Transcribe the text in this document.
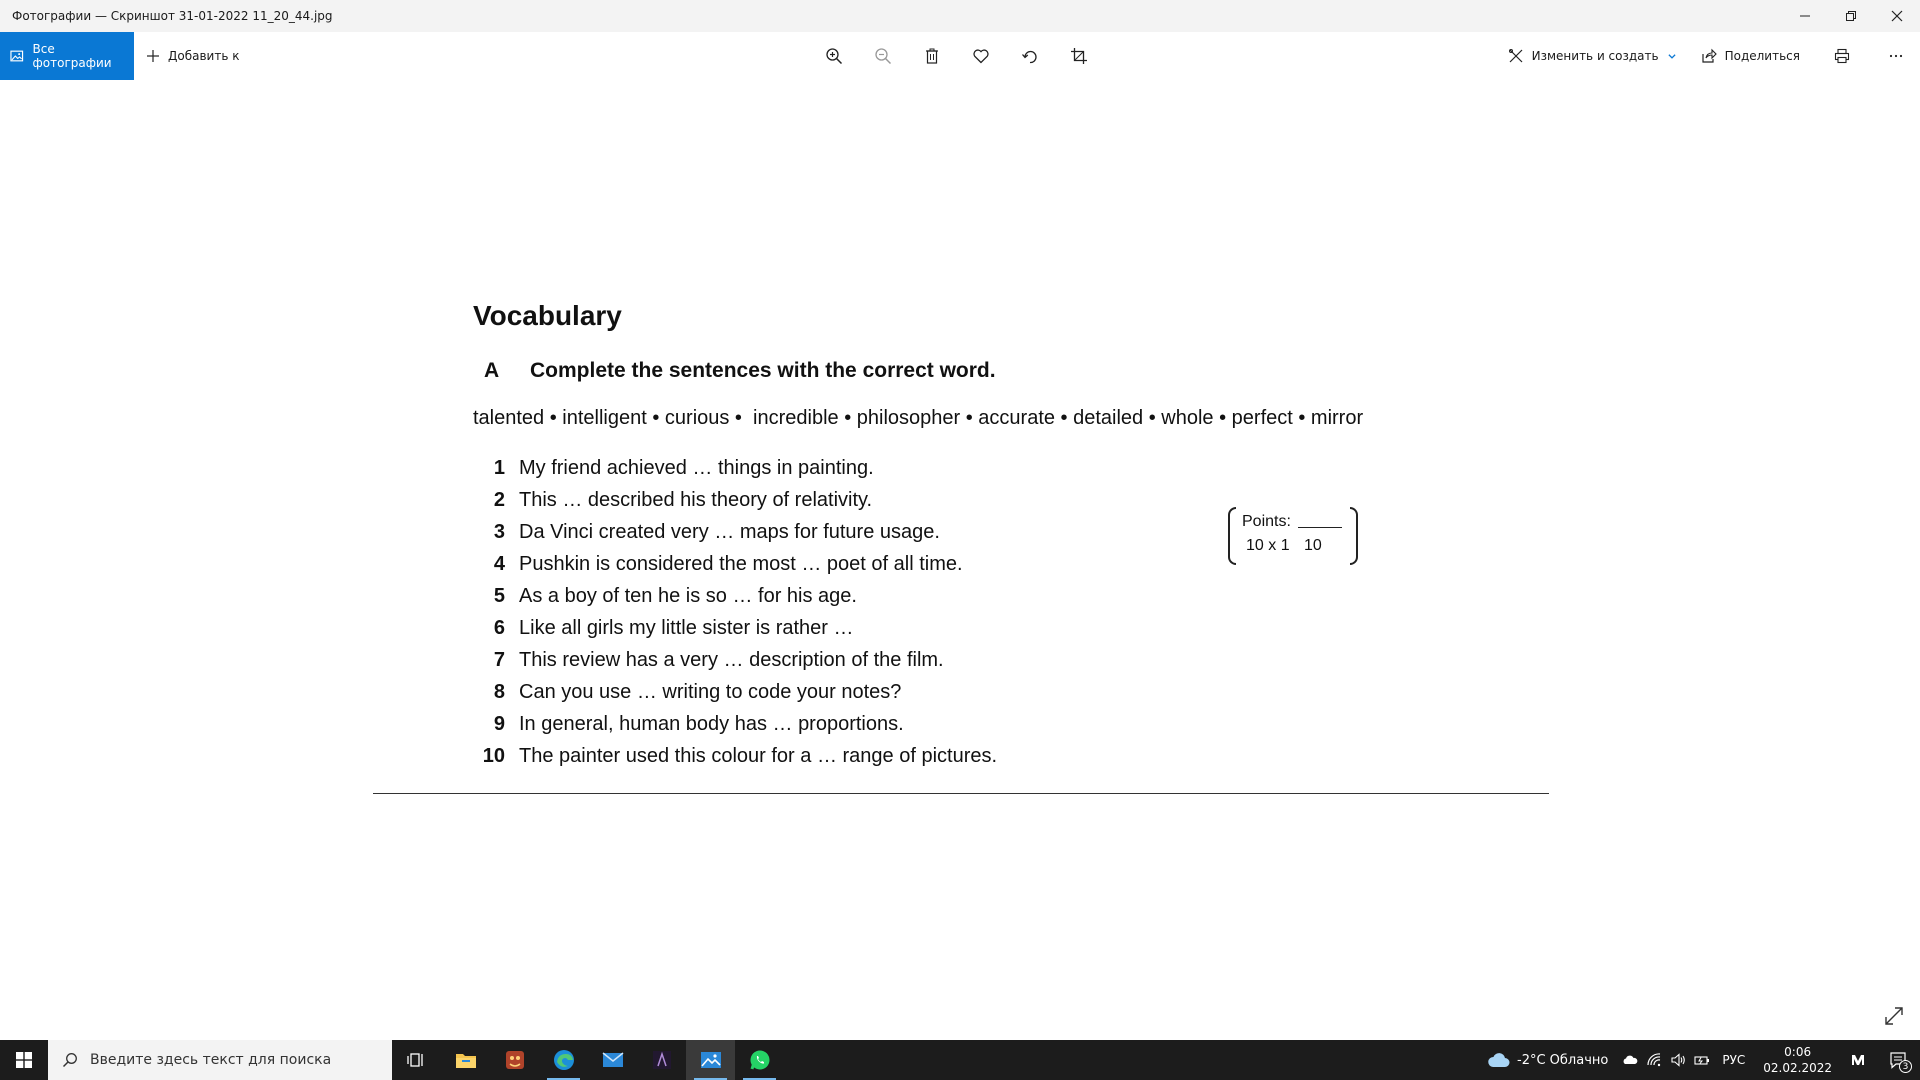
Фотографии — Скриншот 31-01-2022 11_20_44.jpg
Все фотографии	Добавить к	Изменить и создать	Поделиться
Vocabulary
A Complete the sentences with the correct word.
talented • intelligent • curious •  incredible • philosopher • accurate • detailed • whole • perfect • mirror
1 My friend achieved … things in painting.
2 This … described his theory of relativity.
3 Da Vinci created very … maps for future usage.
4 Pushkin is considered the most … poet of all time.
5 As a boy of ten he is so … for his age.
6 Like all girls my little sister is rather …
7 This review has a very … description of the film.
8 Can you use … writing to code your notes?
9 In general, human body has … proportions.
10 The painter used this colour for a … range of pictures.
Points:
10 x 1 10
Введите здесь текст для поиска	-2°C Облачно	РУС
0:06
02.02.2022	3
